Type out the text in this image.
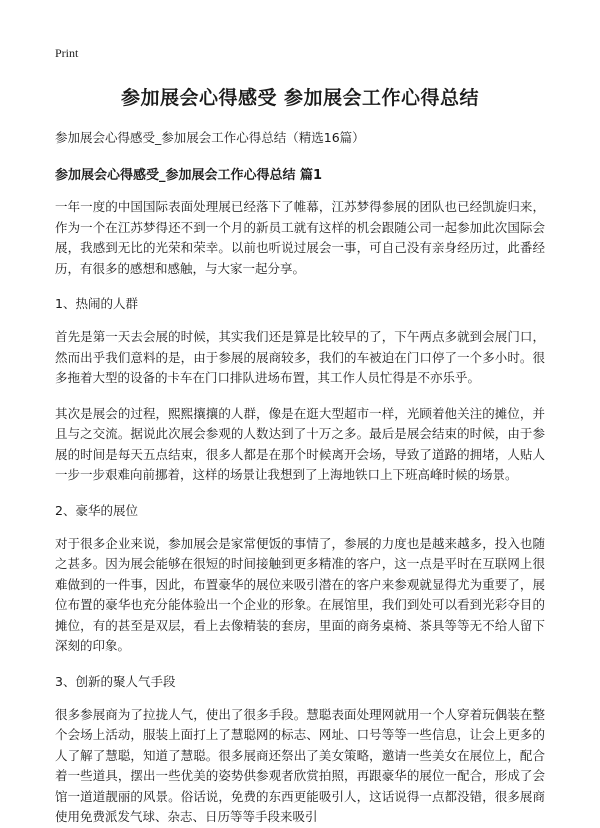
Print
参加展会心得感受 参加展会工作心得总结
参加展会心得感受_参加展会工作心得总结（精选16篇）
参加展会心得感受_参加展会工作心得总结 篇1

一年一度的中国国际表面处理展已经落下了帷幕，江苏梦得参展的团队也已经凯旋归来，作为一个在江苏梦得还不到一个月的新员工就有这样的机会跟随公司一起参加此次国际会展，我感到无比的光荣和荣幸。以前也听说过展会一事，可自己没有亲身经历过，此番经历，有很多的感想和感触，与大家一起分享。

1、热闹的人群

首先是第一天去会展的时候，其实我们还是算是比较早的了，下午两点多就到会展门口，然而出乎我们意料的是，由于参展的展商较多，我们的车被迫在门口停了一个多小时。很多拖着大型的设备的卡车在门口排队进场布置，其工作人员忙得是不亦乐乎。

其次是展会的过程，熙熙攘攘的人群，像是在逛大型超市一样，光顾着他关注的摊位，并且与之交流。据说此次展会参观的人数达到了十万之多。最后是展会结束的时候，由于参展的时间是每天五点结束，很多人都是在那个时候离开会场，导致了道路的拥堵，人贴人一步一步艰难向前挪着，这样的场景让我想到了上海地铁口上下班高峰时候的场景。

2、豪华的展位

对于很多企业来说，参加展会是家常便饭的事情了，参展的力度也是越来越多，投入也随之甚多。因为展会能够在很短的时间接触到更多精准的客户，这一点是平时在互联网上很难做到的一件事，因此，布置豪华的展位来吸引潜在的客户来参观就显得尤为重要了，展位布置的豪华也充分能体验出一个企业的形象。在展馆里，我们到处可以看到光彩夺目的摊位，有的甚至是双层，看上去像精装的套房，里面的商务桌椅、茶具等等无不给人留下深刻的印象。

3、创新的聚人气手段

很多参展商为了拉拢人气，使出了很多手段。慧聪表面处理网就用一个人穿着玩偶装在整个会场上活动，服装上面打上了慧聪网的标志、网址、口号等等一些信息，让会上更多的人了解了慧聪，知道了慧聪。很多展商还祭出了美女策略，邀请一些美女在展位上，配合着一些道具，摆出一些优美的姿势供参观者欣赏拍照，再跟豪华的展位一配合，形成了会馆一道道靓丽的风景。俗话说，免费的东西更能吸引人，这话说得一点都没错，很多展商使用免费派发气球、杂志、日历等等手段来吸引
